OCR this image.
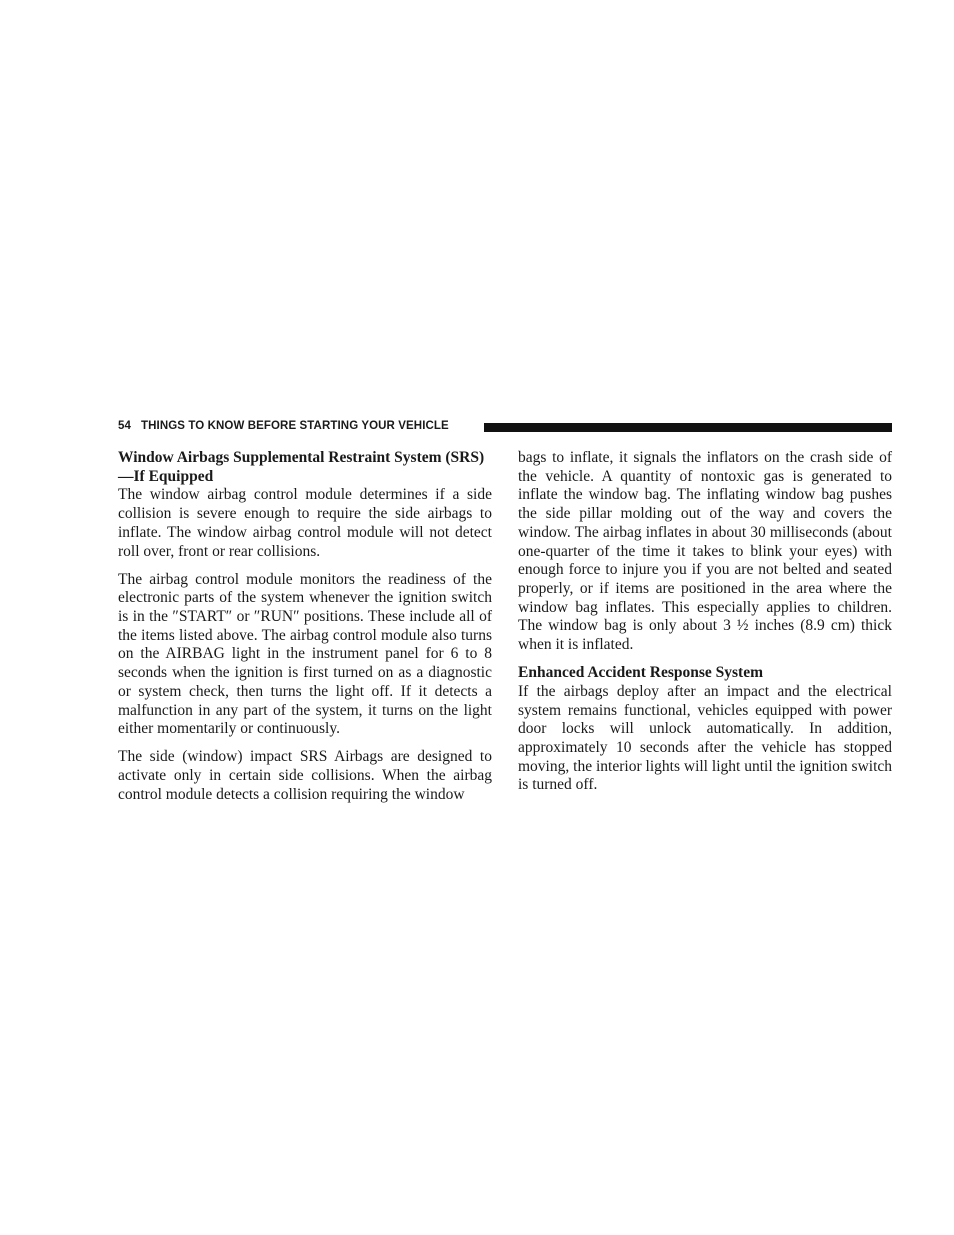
54 THINGS TO KNOW BEFORE STARTING YOUR VEHICLE
Window Airbags Supplemental Restraint System (SRS)—If Equipped

The window airbag control module determines if a side collision is severe enough to require the side airbags to inflate. The window airbag control module will not detect roll over, front or rear collisions.

The airbag control module monitors the readiness of the electronic parts of the system whenever the ignition switch is in the ″START″ or ″RUN″ positions. These include all of the items listed above. The airbag control module also turns on the AIRBAG light in the instrument panel for 6 to 8 seconds when the ignition is first turned on as a diagnostic or system check, then turns the light off. If it detects a malfunction in any part of the system, it turns on the light either momentarily or continuously.

The side (window) impact SRS Airbags are designed to activate only in certain side collisions. When the airbag control module detects a collision requiring the window

bags to inflate, it signals the inflators on the crash side of the vehicle. A quantity of nontoxic gas is generated to inflate the window bag. The inflating window bag pushes the side pillar molding out of the way and covers the window. The airbag inflates in about 30 milliseconds (about one-quarter of the time it takes to blink your eyes) with enough force to injure you if you are not belted and seated properly, or if items are positioned in the area where the window bag inflates. This especially applies to children. The window bag is only about 3 ½ inches (8.9 cm) thick when it is inflated.

Enhanced Accident Response System

If the airbags deploy after an impact and the electrical system remains functional, vehicles equipped with power door locks will unlock automatically. In addition, approximately 10 seconds after the vehicle has stopped moving, the interior lights will light until the ignition switch is turned off.
